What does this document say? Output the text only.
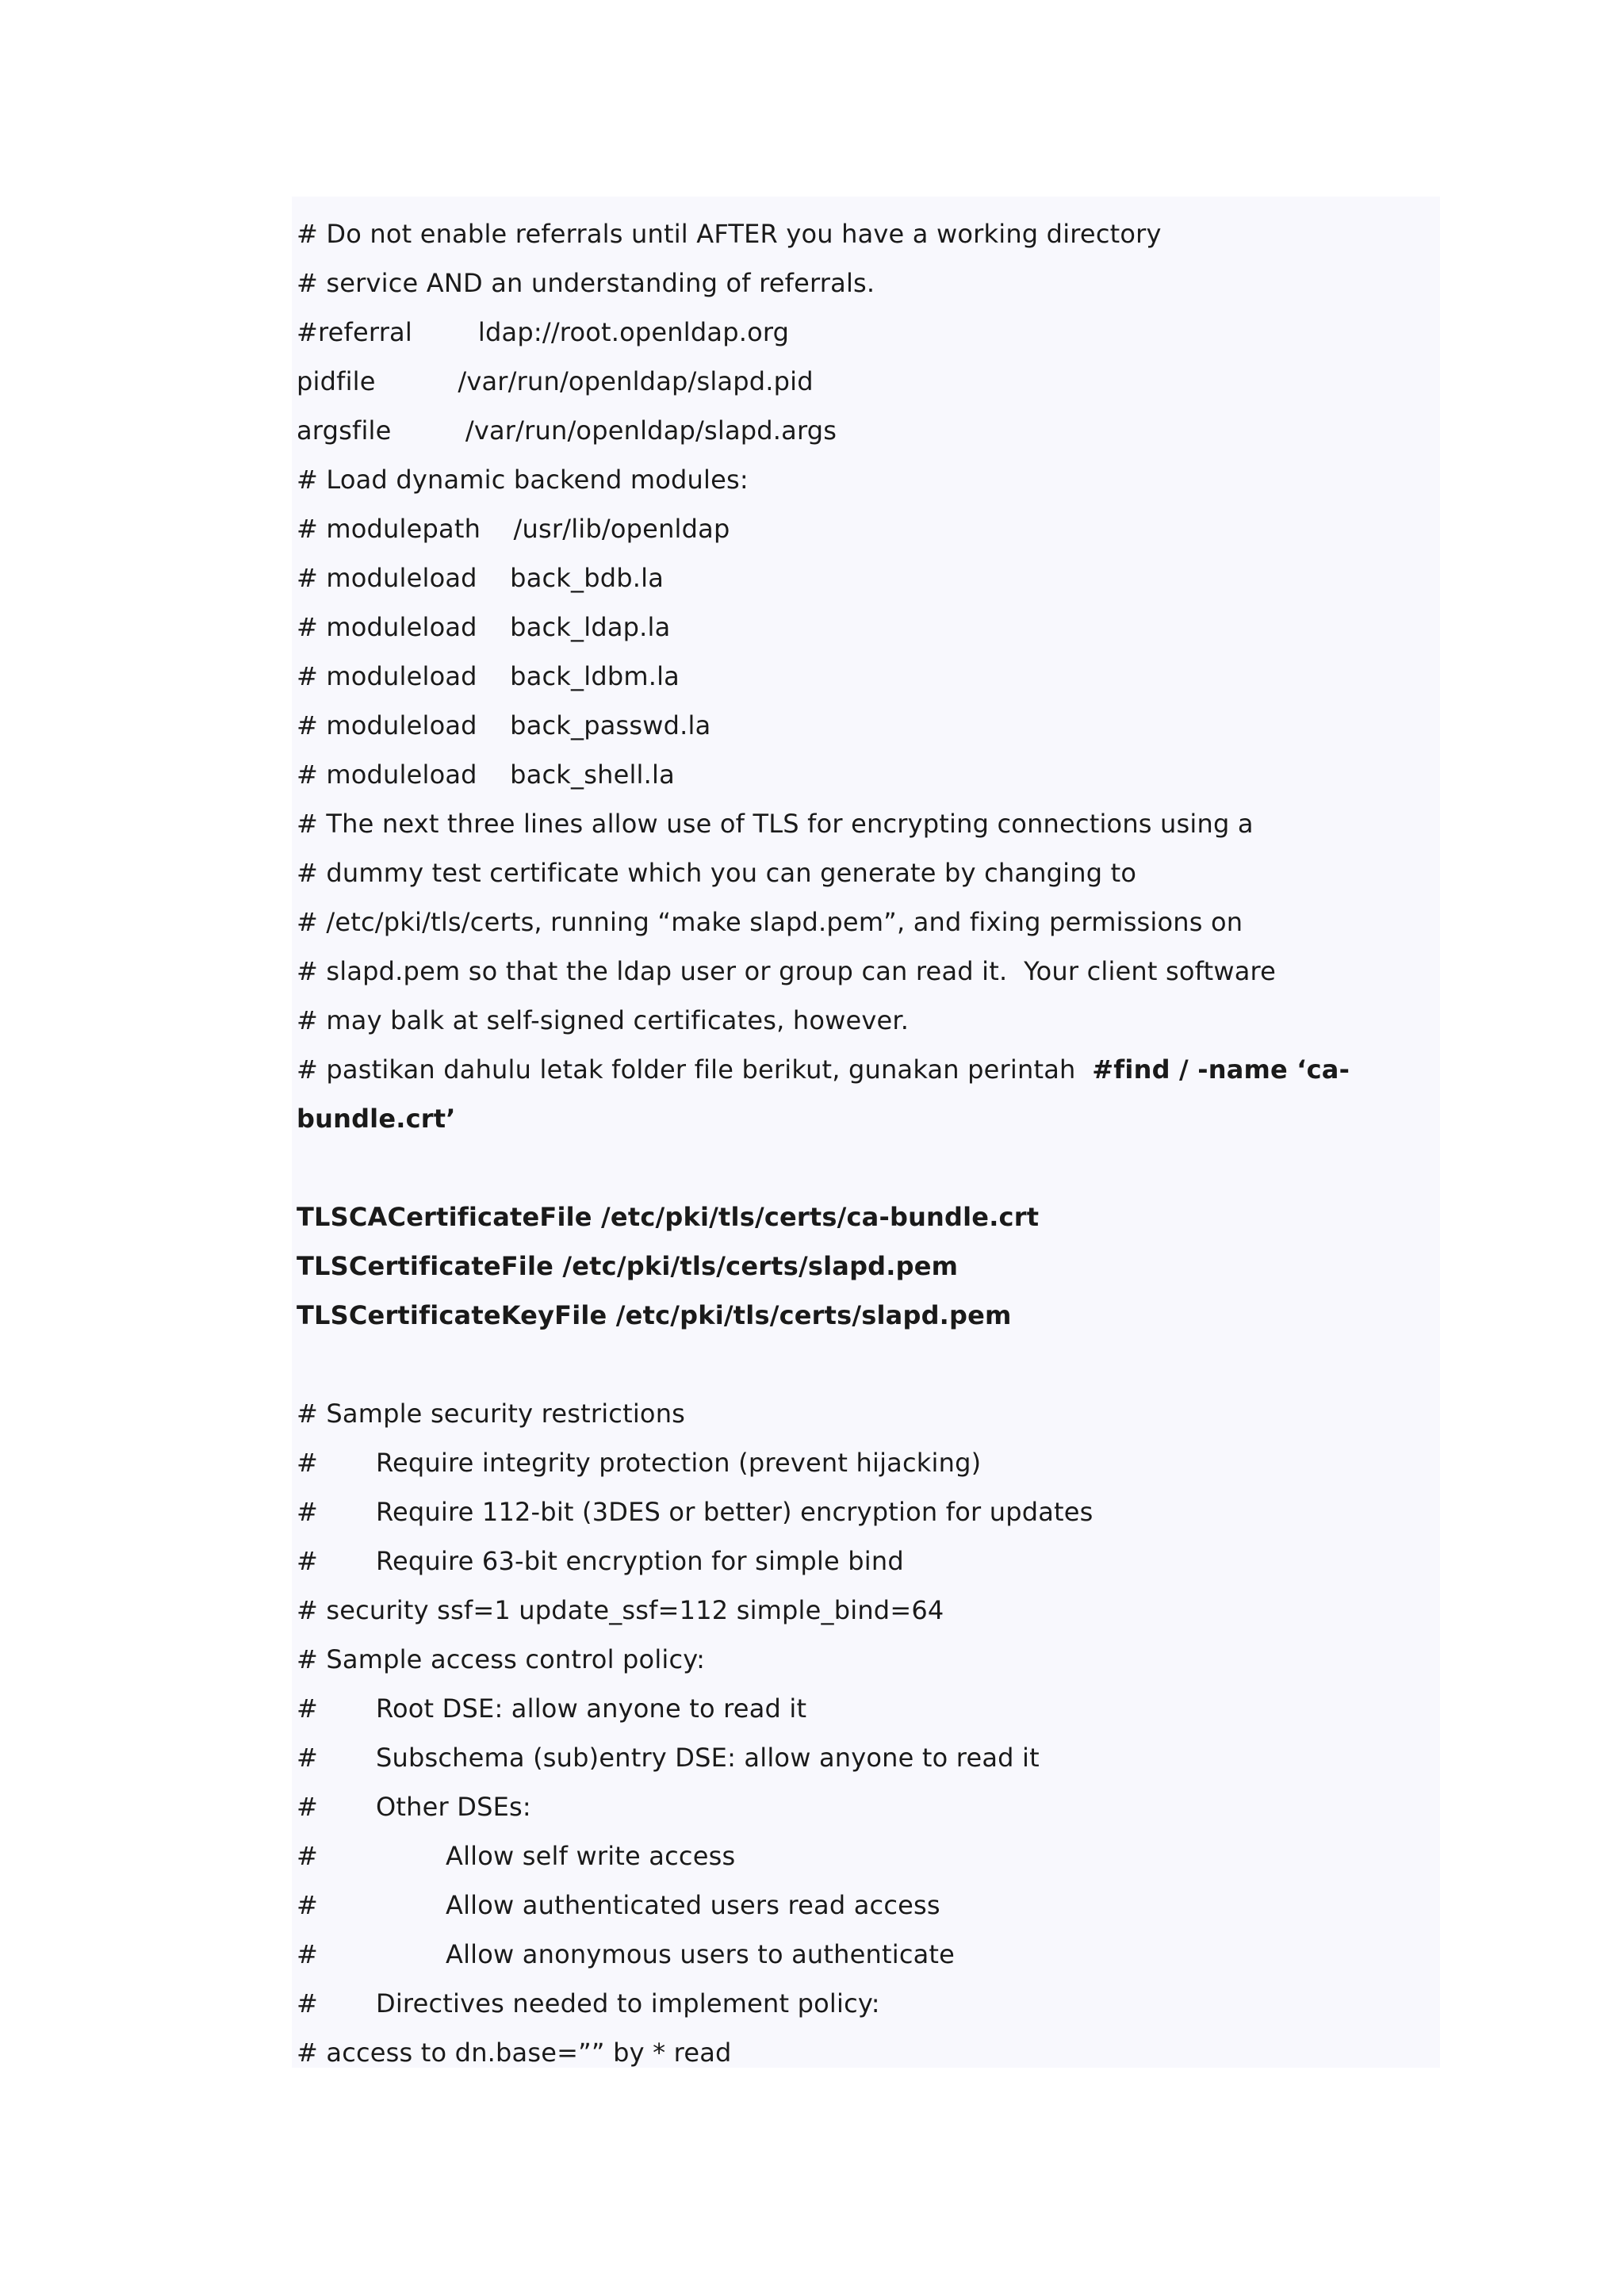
# Do not enable referrals until AFTER you have a working directory
# service AND an understanding of referrals.
#referral        ldap://root.openldap.org
pidfile          /var/run/openldap/slapd.pid
argsfile         /var/run/openldap/slapd.args
# Load dynamic backend modules:
# modulepath    /usr/lib/openldap
# moduleload    back_bdb.la
# moduleload    back_ldap.la
# moduleload    back_ldbm.la
# moduleload    back_passwd.la
# moduleload    back_shell.la
# The next three lines allow use of TLS for encrypting connections using a
# dummy test certificate which you can generate by changing to
# /etc/pki/tls/certs, running “make slapd.pem”, and fixing permissions on
# slapd.pem so that the ldap user or group can read it.  Your client software
# may balk at self-signed certificates, however.
# pastikan dahulu letak folder file berikut, gunakan perintah  #find / -name ‘ca-
bundle.crt’
TLSCACertificateFile /etc/pki/tls/certs/ca-bundle.crt
TLSCertificateFile /etc/pki/tls/certs/slapd.pem
TLSCertificateKeyFile /etc/pki/tls/certs/slapd.pem
# Sample security restrictions
# Require integrity protection (prevent hijacking)
# Require 112-bit (3DES or better) encryption for updates
# Require 63-bit encryption for simple bind
# security ssf=1 update_ssf=112 simple_bind=64
# Sample access control policy:
# Root DSE: allow anyone to read it
# Subschema (sub)entry DSE: allow anyone to read it
# Other DSEs:
#	Allow self write access
#	Allow authenticated users read access
#	Allow anonymous users to authenticate
# Directives needed to implement policy:
# access to dn.base=”” by * read
